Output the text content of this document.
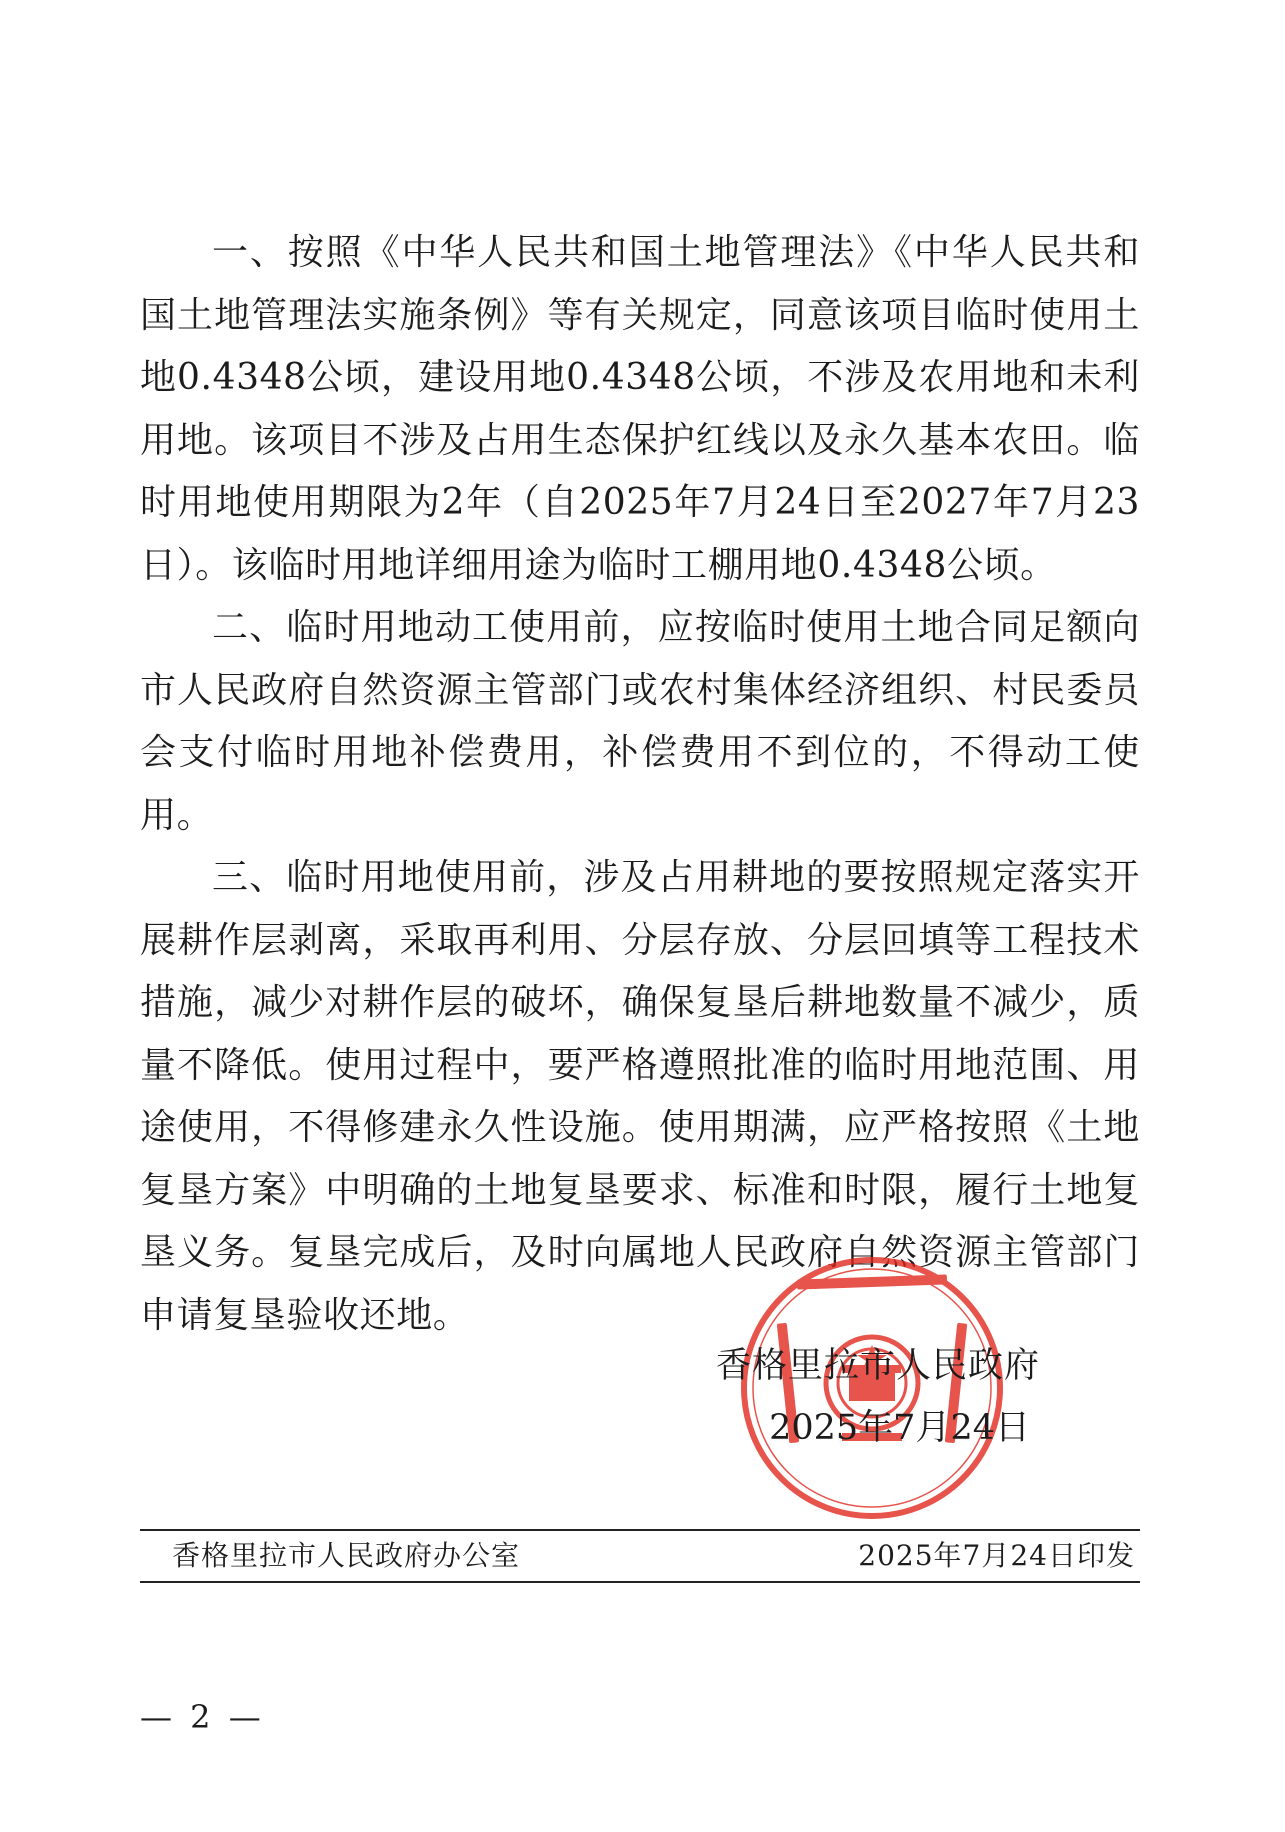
一、按照《中华人民共和国土地管理法》《中华人民共和国土地管理法实施条例》等有关规定，同意该项目临时使用土地0.4348公顷，建设用地0.4348公顷，不涉及农用地和未利用地。该项目不涉及占用生态保护红线以及永久基本农田。临时用地使用期限为2年（自2025年7月24日至2027年7月23日）。该临时用地详细用途为临时工棚用地0.4348公顷。

二、临时用地动工使用前，应按临时使用土地合同足额向市人民政府自然资源主管部门或农村集体经济组织、村民委员会支付临时用地补偿费用，补偿费用不到位的，不得动工使用。

三、临时用地使用前，涉及占用耕地的要按照规定落实开展耕作层剥离，采取再利用、分层存放、分层回填等工程技术措施，减少对耕作层的破坏，确保复垦后耕地数量不减少，质量不降低。使用过程中，要严格遵照批准的临时用地范围、用途使用，不得修建永久性设施。使用期满，应严格按照《土地复垦方案》中明确的土地复垦要求、标准和时限，履行土地复垦义务。复垦完成后，及时向属地人民政府自然资源主管部门申请复垦验收还地。

香格里拉市人民政府
2025年7月24日
香格里拉市人民政府办公室	2025年7月24日印发
— 2 —
